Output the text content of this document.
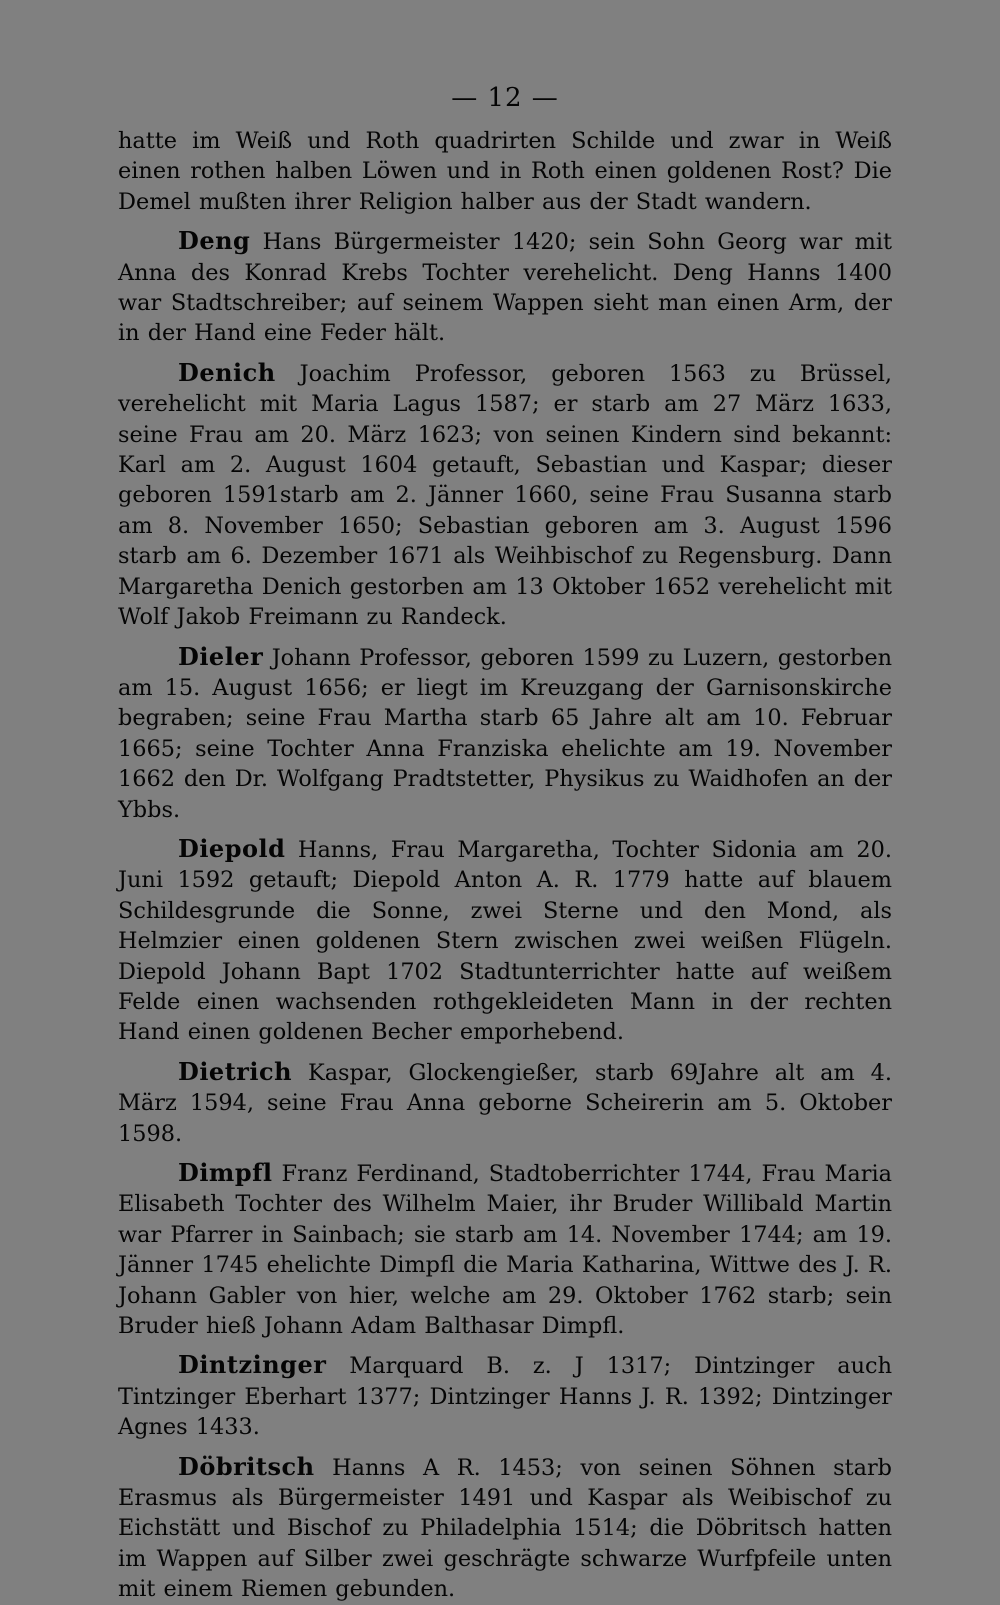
— 12 —

hatte im Weiß und Roth quadrirten Schilde und zwar in Weiß einen rothen halben Löwen und in Roth einen goldenen Rost? Die Demel mußten ihrer Religion halber aus der Stadt wandern.

Deng Hans Bürgermeister 1420; sein Sohn Georg war mit Anna des Konrad Krebs Tochter verehelicht. Deng Hanns 1400 war Stadtschreiber; auf seinem Wappen sieht man einen Arm, der in der Hand eine Feder hält.

Denich Joachim Professor, geboren 1563 zu Brüssel, verehelicht mit Maria Lagus 1587; er starb am 27 März 1633, seine Frau am 20. März 1623; von seinen Kindern sind bekannt: Karl am 2. August 1604 getauft, Sebastian und Kaspar; dieser geboren 1591starb am 2. Jänner 1660, seine Frau Susanna starb am 8. November 1650; Sebastian geboren am 3. August 1596 starb am 6. Dezember 1671 als Weihbischof zu Regensburg. Dann Margaretha Denich gestorben am 13 Oktober 1652 verehelicht mit Wolf Jakob Freimann zu Randeck.

Dieler Johann Professor, geboren 1599 zu Luzern, gestorben am 15. August 1656; er liegt im Kreuzgang der Garnisonskirche begraben; seine Frau Martha starb 65 Jahre alt am 10. Februar 1665; seine Tochter Anna Franziska ehelichte am 19. November 1662 den Dr. Wolfgang Pradtstetter, Physikus zu Waidhofen an der Ybbs.

Diepold Hanns, Frau Margaretha, Tochter Sidonia am 20. Juni 1592 getauft; Diepold Anton A. R. 1779 hatte auf blauem Schildesgrunde die Sonne, zwei Sterne und den Mond, als Helmzier einen goldenen Stern zwischen zwei weißen Flügeln. Diepold Johann Bapt 1702 Stadtunterrichter hatte auf weißem Felde einen wachsenden rothgekleideten Mann in der rechten Hand einen goldenen Becher emporhebend.

Dietrich Kaspar, Glockengießer, starb 69Jahre alt am 4. März 1594, seine Frau Anna geborne Scheirerin am 5. Oktober 1598.

Dimpfl Franz Ferdinand, Stadtoberrichter 1744, Frau Maria Elisabeth Tochter des Wilhelm Maier, ihr Bruder Willibald Martin war Pfarrer in Sainbach; sie starb am 14. November 1744; am 19. Jänner 1745 ehelichte Dimpfl die Maria Katharina, Wittwe des J. R. Johann Gabler von hier, welche am 29. Oktober 1762 starb; sein Bruder hieß Johann Adam Balthasar Dimpfl.

Dintzinger Marquard B. z. J 1317; Dintzinger auch Tintzinger Eberhart 1377; Dintzinger Hanns J. R. 1392; Dintzinger Agnes 1433.

Döbritsch Hanns A R. 1453; von seinen Söhnen starb Erasmus als Bürgermeister 1491 und Kaspar als Weibischof zu Eichstätt und Bischof zu Philadelphia 1514; die Döbritsch hatten im Wappen auf Silber zwei geschrägte schwarze Wurfpfeile unten mit einem Riemen gebunden.
